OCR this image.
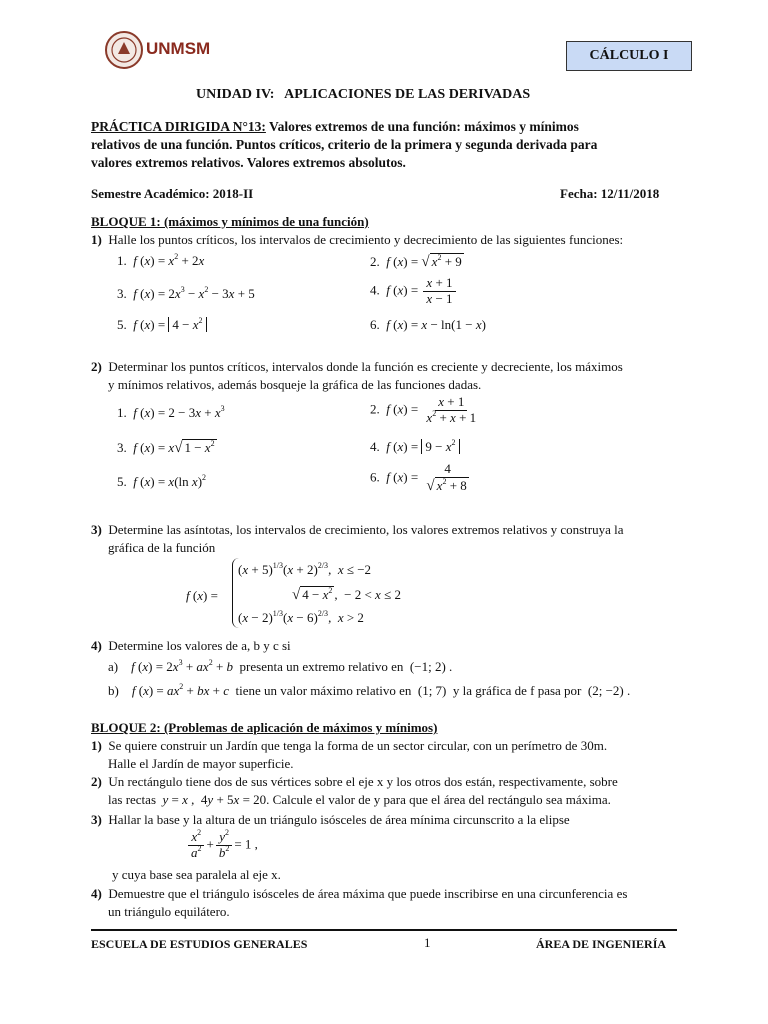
UNMSM	CÁLCULO I
UNIDAD IV:   APLICACIONES DE LAS DERIVADAS
PRÁCTICA DIRIGIDA N°13: Valores extremos de una función: máximos y mínimos
relativos de una función. Puntos críticos, criterio de la primera y segunda derivada para
valores extremos relativos. Valores extremos absolutos.
Semestre Académico: 2018-II	Fecha: 12/11/2018
BLOQUE 1: (máximos y mínimos de una función)
1) Halle los puntos críticos, los intervalos de crecimiento y decrecimiento de las siguientes funciones:
1.  f $(x) = x^2 + 2x$	2.  f (x) = √ $x^2 + 9$
3.  f $(x) = 2x^3 - x^2 - 3x + 5$	4.  f $(x) = \frac{x + 1}{x - 1}$
5.  f $(x) = 4 - x^2$	6.  f (x) = x − ln(1 − x)
2) Determinar los puntos críticos, intervalos donde la función es creciente y decreciente, los máximos
y mínimos relativos, además bosqueje la gráfica de las funciones dadas.
1.  f $(x) = 2 - 3x + x^3$	2.  f $(x) = \frac{x + 1}{x^2 + x + 1}$
3.  f (x) = x√ $1 - x^2$	4.  f $(x) = 9 - x^2$
5.  f (x) = x(ln x)$^2$	6.  f $(x) = \frac{4}{√ x^2 + 8}$
3) Determine las asíntotas, los intervalos de crecimiento, los valores extremos relativos y construya la
gráfica de la función
f (x) =
$(x + 5)^{1/3}(x + 2)^{2/3}$,  x ≤ −2
√ $4 - x^2$ ,  − 2 < x ≤ 2
$(x - 2)^{1/3}(x - 6)^{2/3}$,  x > 2
4) Determine los valores de a, b y c si
a) f $(x) = 2x^3 + ax^2 + b$ presenta un extremo relativo en  (−1; 2) .
b) f $(x) = ax^2$ + bx + c tiene un valor máximo relativo en  (1; 7)  y la gráfica de f pasa por  (2; −2) .
BLOQUE 2: (Problemas de aplicación de máximos y mínimos)
1) Se quiere construir un Jardín que tenga la forma de un sector circular, con un perímetro de 30m.
Halle el Jardín de mayor superficie.
2) Un rectángulo tiene dos de sus vértices sobre el eje x y los otros dos están, respectivamente, sobre
las rectas y = x ,  4y + 5x = 20. Calcule el valor de y para que el área del rectángulo sea máxima.
3) Hallar la base y la altura de un triángulo isósceles de área mínima circunscrito a la elipse
$\frac{x^2}{a^2} + \frac{y^2}{b^2} = 1$ ,
y cuya base sea paralela al eje x.
4) Demuestre que el triángulo isósceles de área máxima que puede inscribirse en una circunferencia es
un triángulo equilátero.
ESCUELA DE ESTUDIOS GENERALES	1	ÁREA DE INGENIERÍA
